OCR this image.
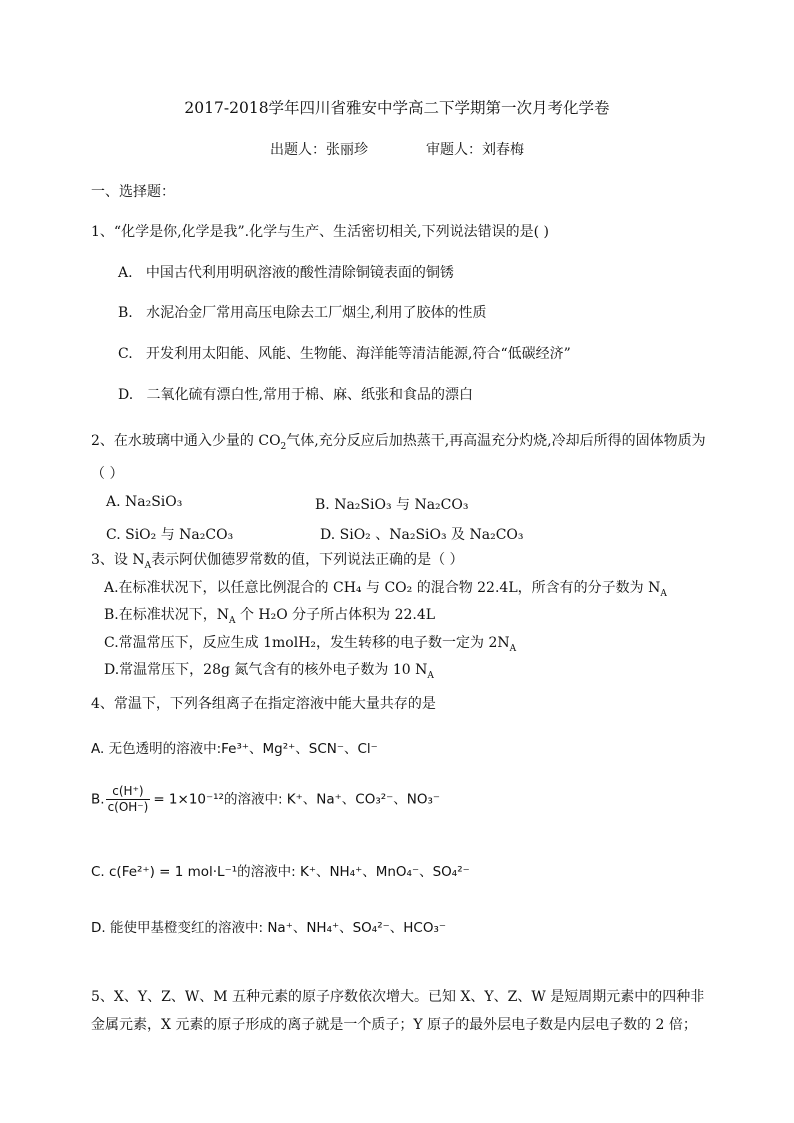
2017-2018学年四川省雅安中学高二下学期第一次月考化学卷
出题人：张丽珍	审题人：刘春梅
一、选择题：
1、“化学是你,化学是我”.化学与生产、生活密切相关,下列说法错误的是( )
A. 中国古代利用明矾溶液的酸性清除铜镜表面的铜锈
B. 水泥冶金厂常用高压电除去工厂烟尘,利用了胶体的性质
C. 开发利用太阳能、风能、生物能、海洋能等清洁能源,符合“低碳经济”
D. 二氧化硫有漂白性,常用于棉、麻、纸张和食品的漂白
2、在水玻璃中通入少量的 $CO_2$气体,充分反应后加热蒸干,再高温充分灼烧,冷却后所得的固体物质为
（ ）
A. Na₂SiO₃	B. Na₂SiO₃ 与 Na₂CO₃
C. SiO₂ 与 Na₂CO₃	D. SiO₂ 、Na₂SiO₃ 及 Na₂CO₃
3、设 $N_A$表示阿伏伽德罗常数的值，下列说法正确的是（ ）
A.在标准状况下，以任意比例混合的 CH₄ 与 CO₂ 的混合物 22.4L，所含有的分子数为 $N_A$
B.在标准状况下，$N_A$ 个 H₂O 分子所占体积为 22.4L
C.常温常压下，反应生成 1molH₂，发生转移的电子数一定为 $2N_A$
D.常温常压下，28g 氮气含有的核外电子数为 10 $N_A$
4、常温下，下列各组离子在指定溶液中能大量共存的是
A. 无色透明的溶液中:Fe³⁺、Mg²⁺、SCN⁻、Cl⁻
B. $\frac{c(H^+)}{c(OH^-)} = 1\times 10^{-12}$的溶液中: K⁺、Na⁺、CO₃²⁻、NO₃⁻
C. c(Fe²⁺) = 1 mol·L⁻¹的溶液中: K⁺、NH₄⁺、MnO₄⁻、SO₄²⁻
D. 能使甲基橙变红的溶液中: Na⁺、NH₄⁺、SO₄²⁻、HCO₃⁻
5、X、Y、Z、W、M 五种元素的原子序数依次增大。已知 X、Y、Z、W 是短周期元素中的四种非
金属元素，X 元素的原子形成的离子就是一个质子；Y 原子的最外层电子数是内层电子数的 2 倍；
